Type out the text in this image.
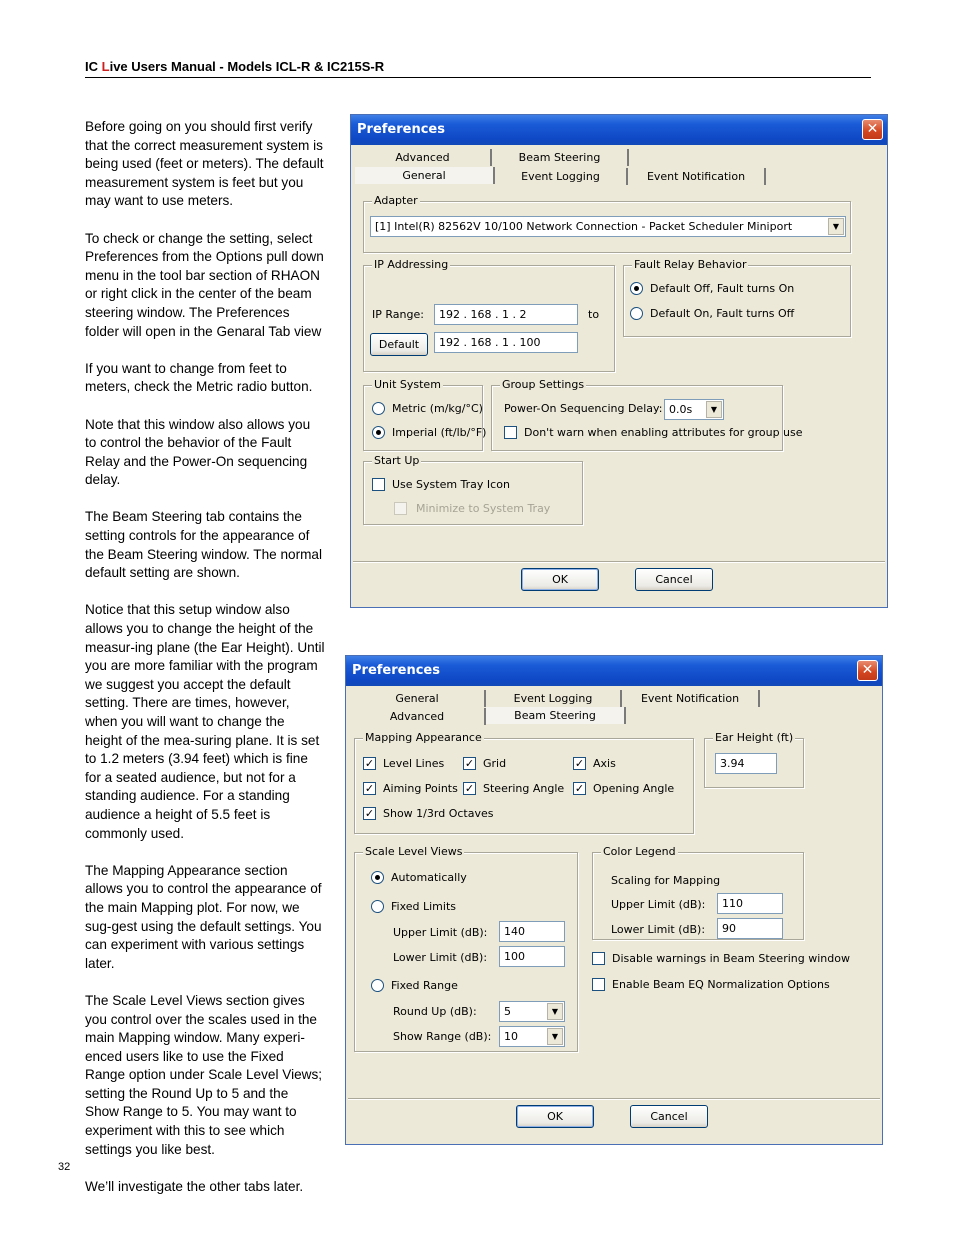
IC Live Users Manual - Models ICL-R & IC215S-R

Before going on you should first verify that the correct measurement system is being used (feet or meters). The default measurement system is feet but you may want to use meters.

To check or change the setting, select Preferences from the Options pull down menu in the tool bar section of RHAON or right click in the center of the beam steering window. The Preferences folder will open in the Genaral Tab view

If you want to change from feet to meters, check the Metric radio button.

Note that this window also allows you to control the behavior of the Fault Relay and the Power-On sequencing delay.

The Beam Steering tab contains the setting controls for the appearance of the Beam Steering window. The normal default setting are shown.

Notice that this setup window also allows you to change the height of the measur-ing plane (the Ear Height). Until you are more familiar with the program we suggest you accept the default setting. There are times, however, when you will want to change the height of the mea-suring plane. It is set to 1.2 meters (3.94 feet) which is fine for a seated audience, but not for a standing audience. For a standing audience a height of 5.5 feet is commonly used.

The Mapping Appearance section allows you to control the appearance of the main Mapping plot. For now, we sug-gest using the default settings. You can experiment with various settings later.

The Scale Level Views section gives you control over the scales used in the main Mapping window. Many experi-enced users like to use the Fixed Range option under Scale Level Views; setting the Round Up to 5 and the Show Range to 5. You may want to experiment with this to see which settings you like best.

We’ll investigate the other tabs later.

32
Preferences	✕
Advanced	Beam Steering
General	Event Logging	Event Notification
Adapter
[1] Intel(R) 82562V 10/100 Network Connection - Packet Scheduler Miniport	▼
IP Addressing
IP Range:	192 . 168 . 1 . 2	to
Default	192 . 168 . 1 . 100
Fault Relay Behavior
Default Off, Fault turns On
Default On, Fault turns Off
Unit System
Metric (m/kg/°C)
Imperial (ft/lb/°F)
Group Settings
Power-On Sequencing Delay: 0.0s	▼
Don't warn when enabling attributes for group use
Start Up
Use System Tray Icon
Minimize to System Tray
OK	Cancel
Preferences	✕
General	Event Logging	Event Notification
Advanced	Beam Steering
Mapping Appearance
✓ Level Lines ✓ Grid	✓ Axis
✓ Aiming Points ✓ Steering Angle ✓ Opening Angle
✓ Show 1/3rd Octaves
Ear Height (ft)
3.94
Scale Level Views
Automatically
Fixed Limits
Upper Limit (dB):	140
Lower Limit (dB):	100
Fixed Range
Round Up (dB):	5	▼
Show Range (dB):	10	▼
Color Legend
Scaling for Mapping
Upper Limit (dB):	110
Lower Limit (dB):	90
Disable warnings in Beam Steering window
Enable Beam EQ Normalization Options
OK	Cancel
